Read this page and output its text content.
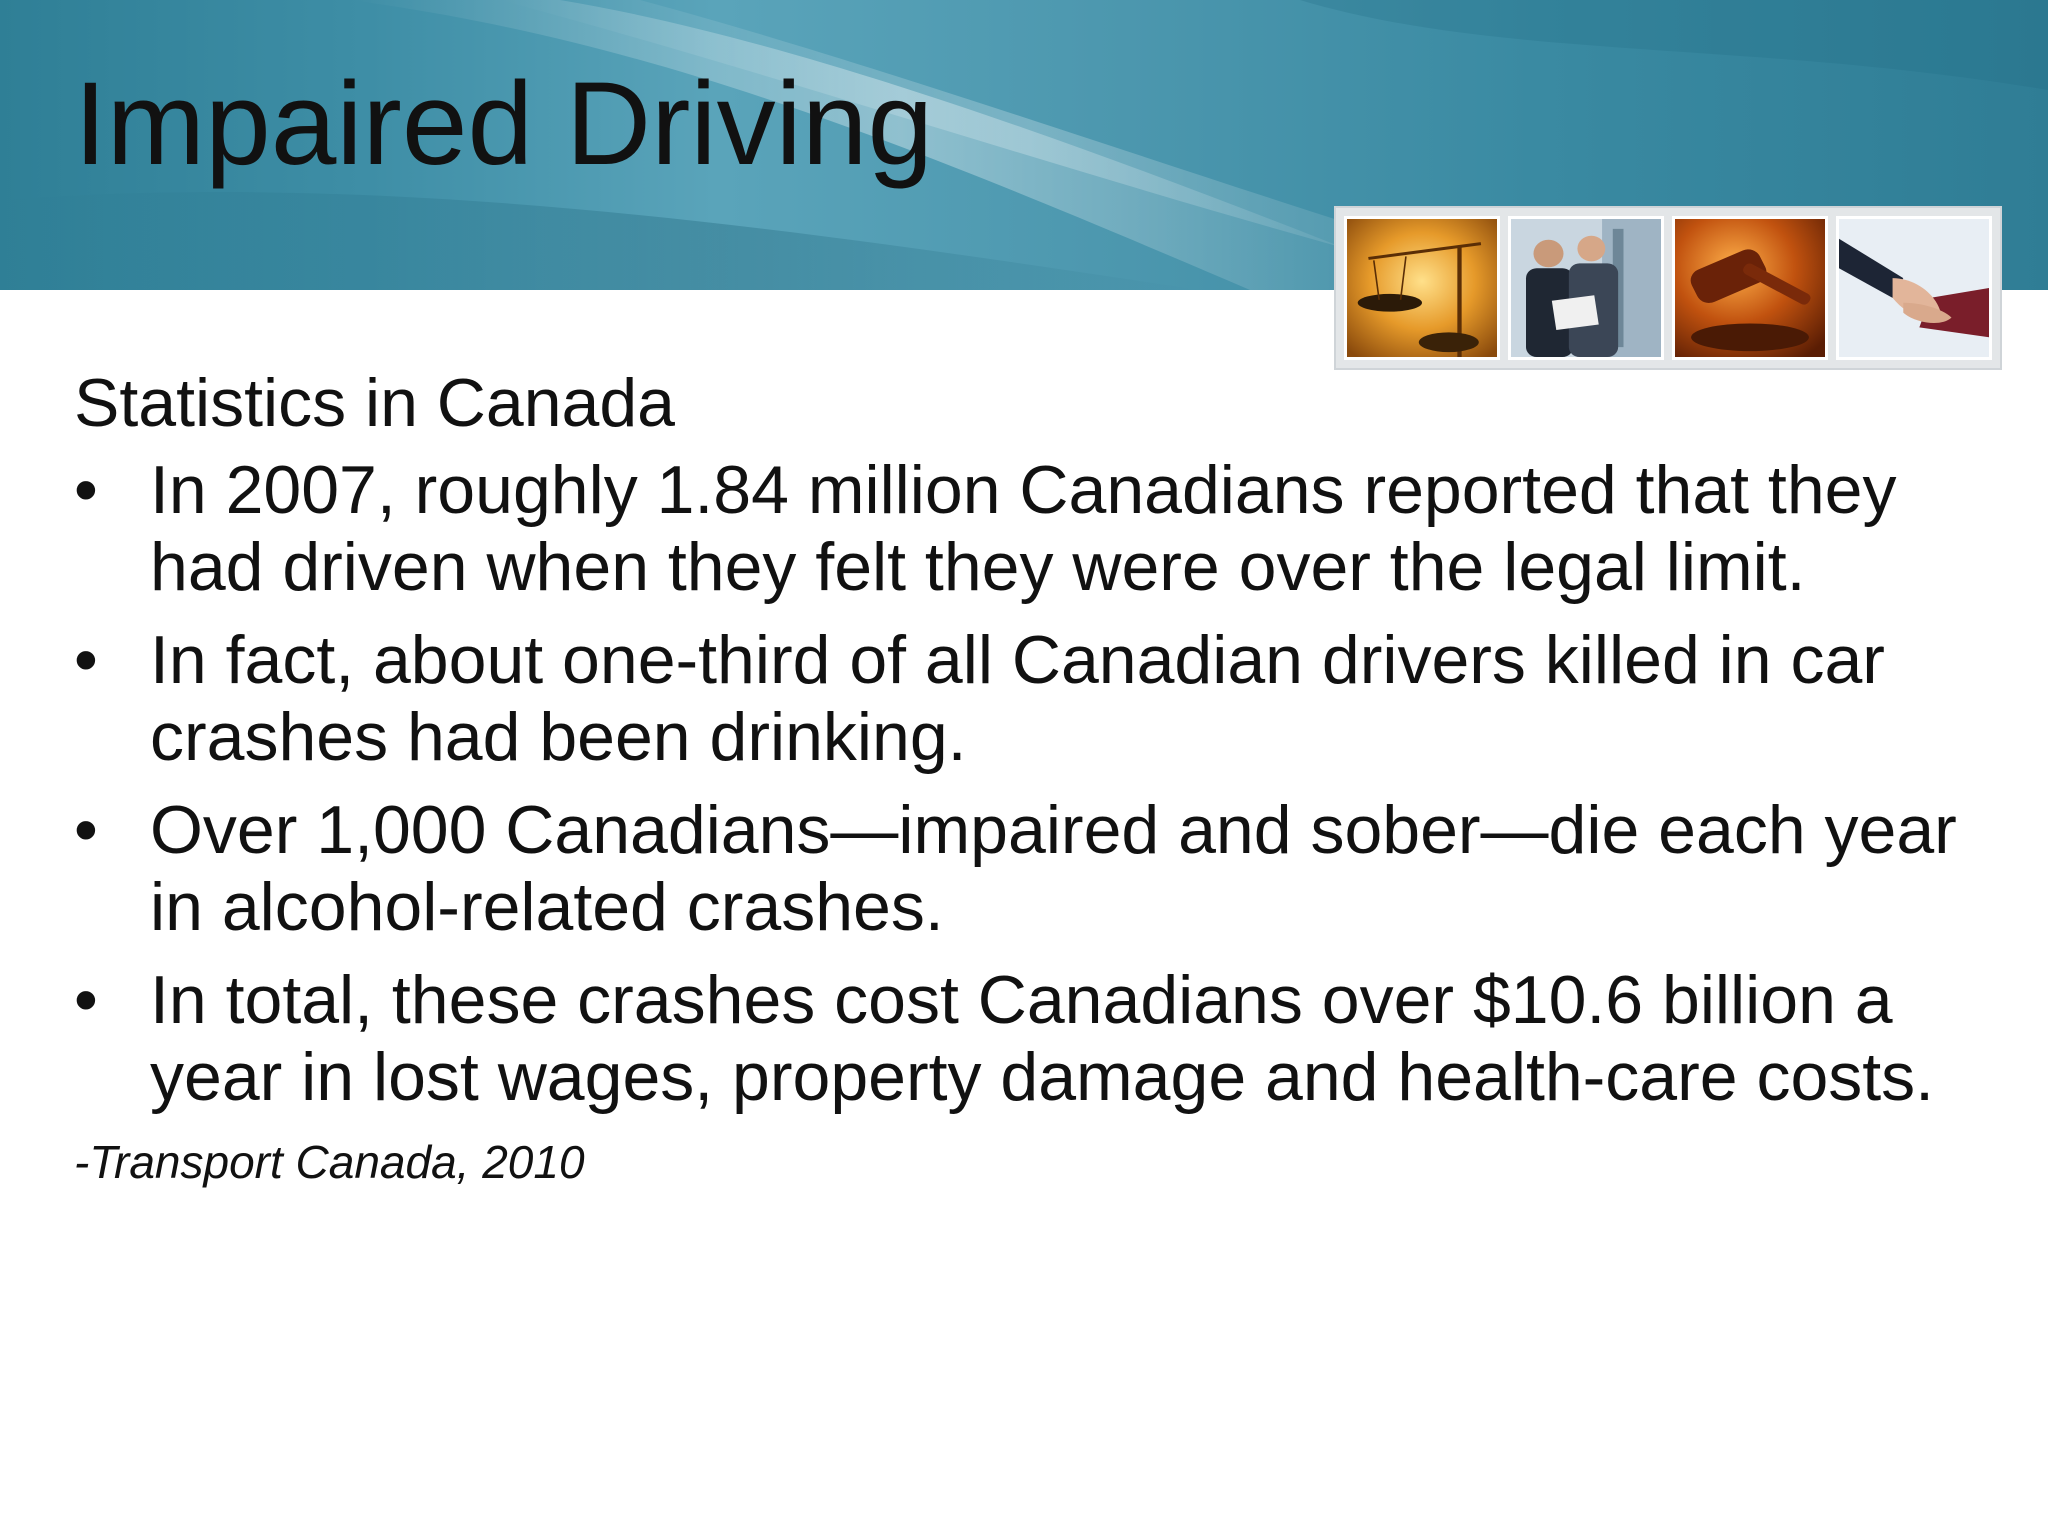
Impaired Driving

Statistics in Canada

• In 2007, roughly 1.84 million Canadians reported that they had driven when they felt they were over the legal limit.
• In fact, about one-third of all Canadian drivers killed in car crashes had been drinking.
• Over 1,000 Canadians—impaired and sober—die each year in alcohol-related crashes.
• In total, these crashes cost Canadians over $10.6 billion a year in lost wages, property damage and health-care costs.

-Transport Canada, 2010
